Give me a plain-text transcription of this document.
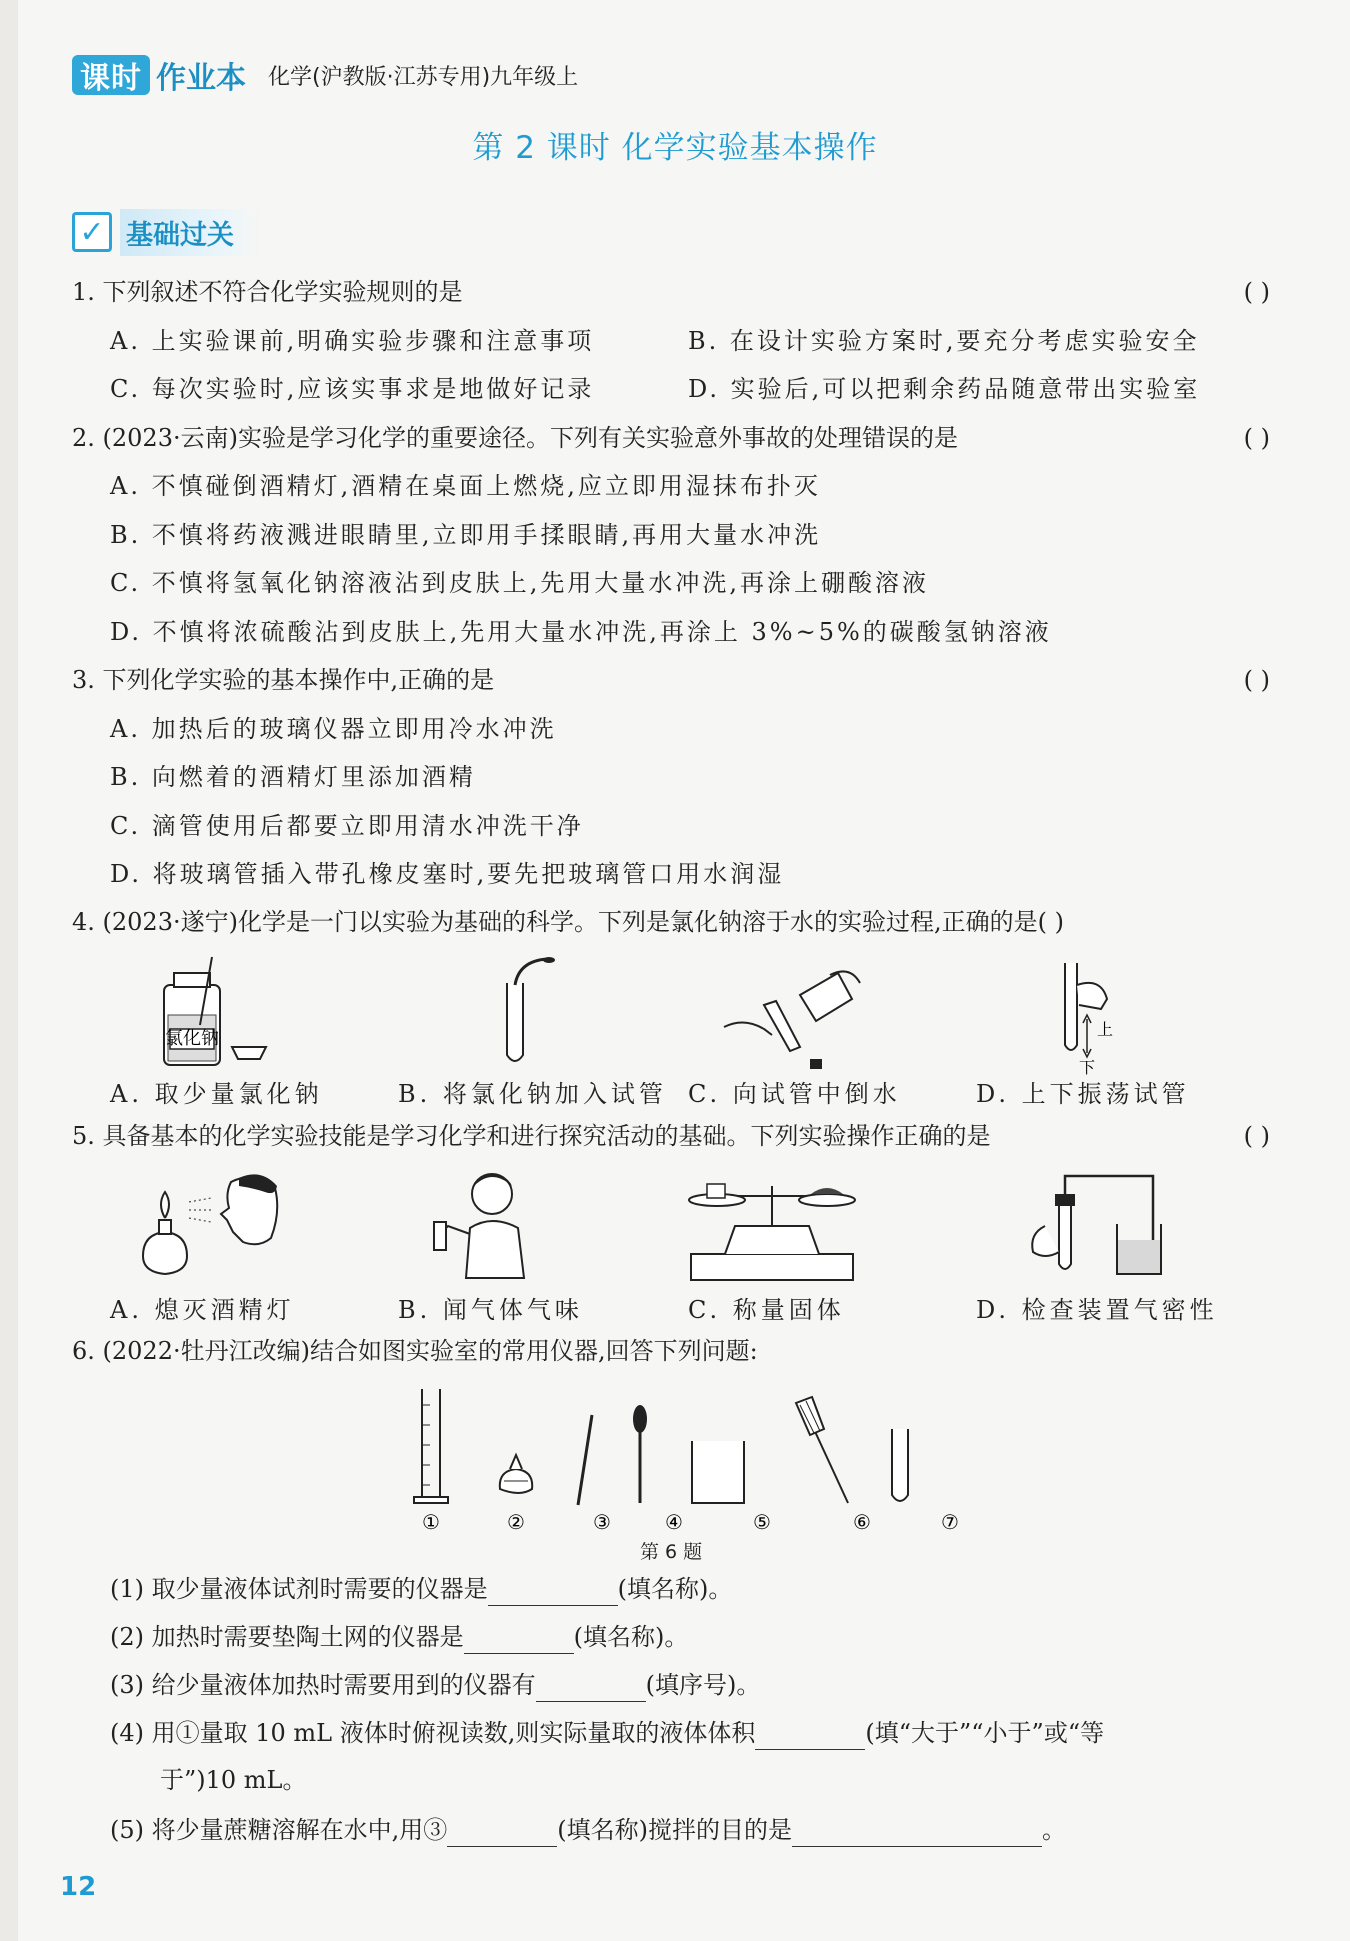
课时 作业本 化学(沪教版·江苏专用)九年级上
第 2 课时 化学实验基本操作
✓ 基础过关
1. 下列叙述不符合化学实验规则的是	( )
A. 上实验课前,明确实验步骤和注意事项	B. 在设计实验方案时,要充分考虑实验安全
C. 每次实验时,应该实事求是地做好记录	D. 实验后,可以把剩余药品随意带出实验室
2. (2023·云南)实验是学习化学的重要途径。下列有关实验意外事故的处理错误的是	( )
A. 不慎碰倒酒精灯,酒精在桌面上燃烧,应立即用湿抹布扑灭
B. 不慎将药液溅进眼睛里,立即用手揉眼睛,再用大量水冲洗
C. 不慎将氢氧化钠溶液沾到皮肤上,先用大量水冲洗,再涂上硼酸溶液
D. 不慎将浓硫酸沾到皮肤上,先用大量水冲洗,再涂上 3%~5%的碳酸氢钠溶液
3. 下列化学实验的基本操作中,正确的是	( )
A. 加热后的玻璃仪器立即用冷水冲洗
B. 向燃着的酒精灯里添加酒精
C. 滴管使用后都要立即用清水冲洗干净
D. 将玻璃管插入带孔橡皮塞时,要先把玻璃管口用水润湿
4. (2023·遂宁)化学是一门以实验为基础的科学。下列是氯化钠溶于水的实验过程,正确的是( )
氯化钠	上
下
A. 取少量氯化钠	B. 将氯化钠加入试管 C. 向试管中倒水	D. 上下振荡试管
5. 具备基本的化学实验技能是学习化学和进行探究活动的基础。下列实验操作正确的是	( )
A. 熄灭酒精灯	B. 闻气体气味	C. 称量固体	D. 检查装置气密性
6. (2022·牡丹江改编)结合如图实验室的常用仪器,回答下列问题:
①	②	③	④	⑤	⑥	⑦
第 6 题
(1) 取少量液体试剂时需要的仪器是	(填名称)。
(2) 加热时需要垫陶土网的仪器是	(填名称)。
(3) 给少量液体加热时需要用到的仪器有	(填序号)。
(4) 用①量取 10 mL 液体时俯视读数,则实际量取的液体体积	(填“大于”“小于”或“等
于”)10 mL。
(5) 将少量蔗糖溶解在水中,用③	(填名称)搅拌的目的是	。
12
